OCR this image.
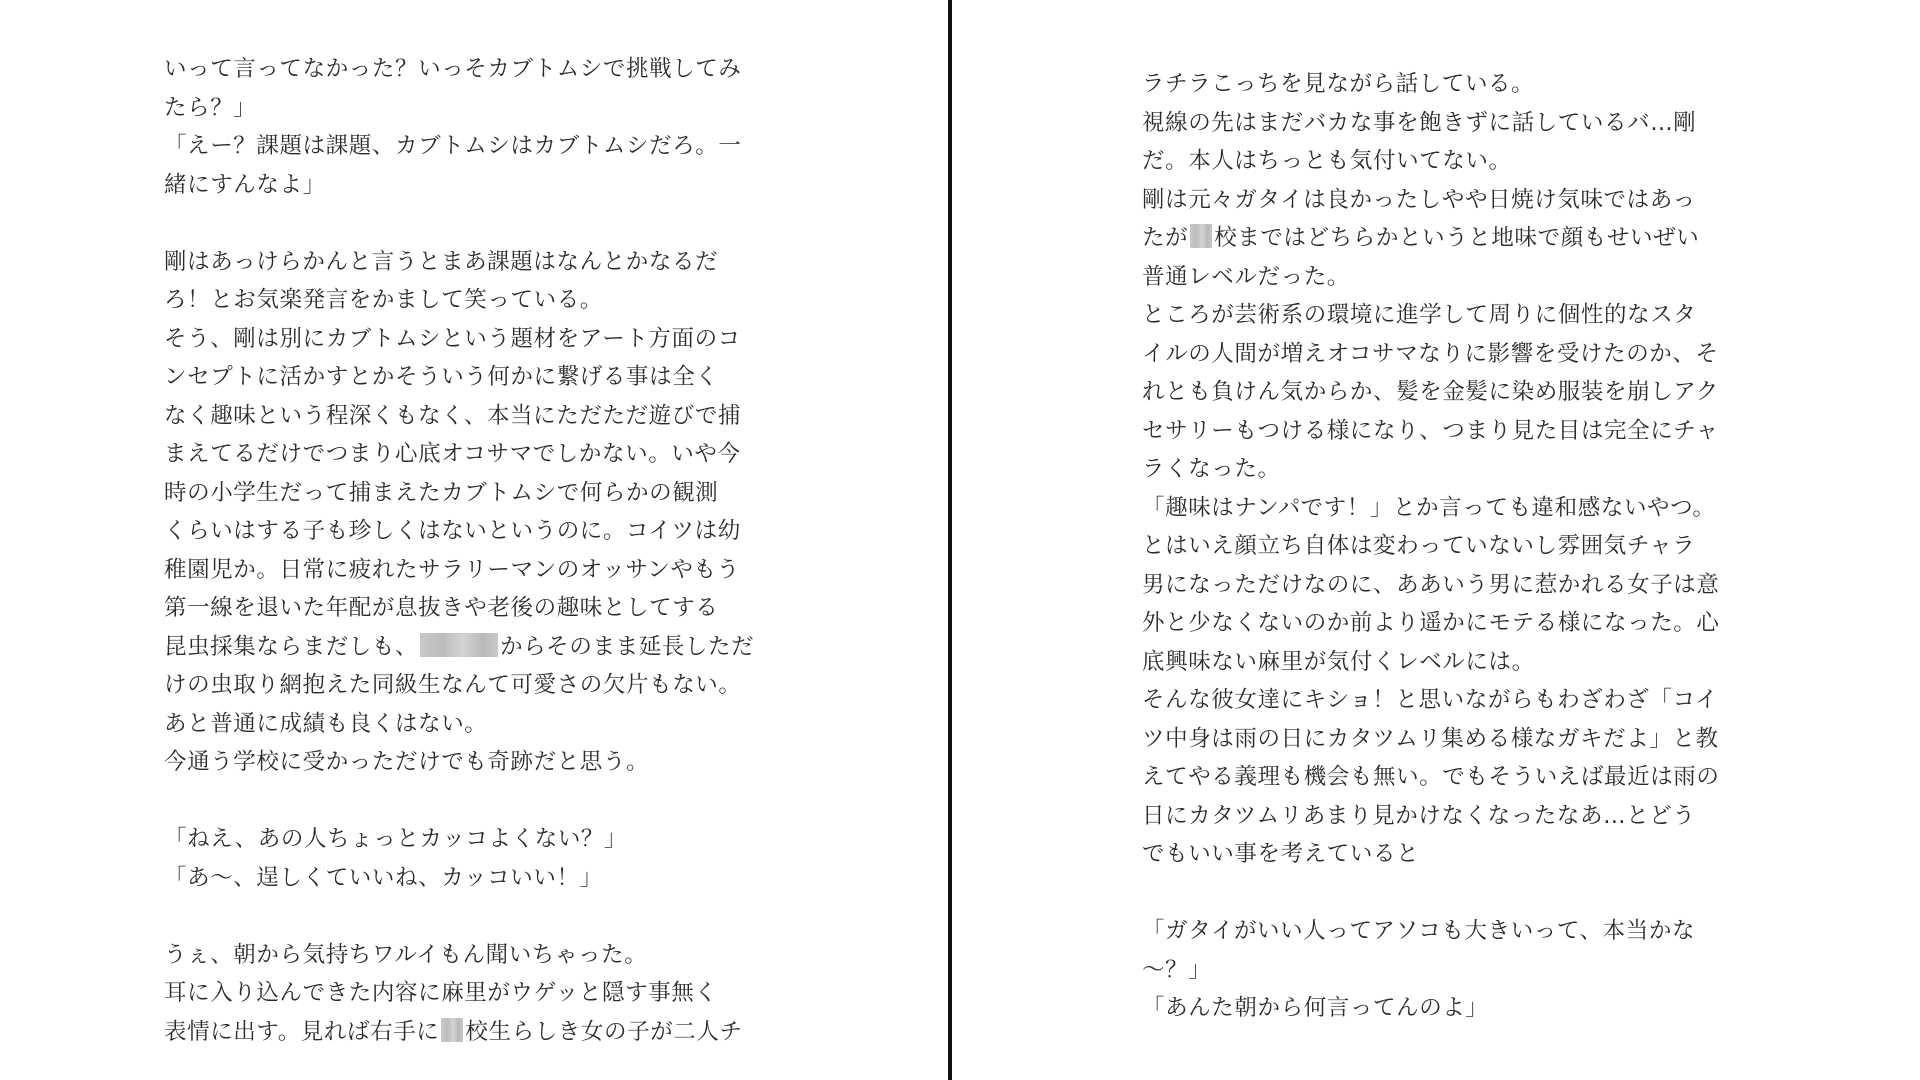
いって言ってなかった？いっそカブトムシで挑戦してみ
たら？」
「えー？課題は課題、カブトムシはカブトムシだろ。一
緒にすんなよ」
剛はあっけらかんと言うとまあ課題はなんとかなるだ
ろ！とお気楽発言をかまして笑っている。
そう、剛は別にカブトムシという題材をアート方面のコ
ンセプトに活かすとかそういう何かに繋げる事は全く
なく趣味という程深くもなく、本当にただただ遊びで捕
まえてるだけでつまり心底オコサマでしかない。いや今
時の小学生だって捕まえたカブトムシで何らかの観測
くらいはする子も珍しくはないというのに。コイツは幼
稚園児か。日常に疲れたサラリーマンのオッサンやもう
第一線を退いた年配が息抜きや老後の趣味としてする
昆虫採集ならまだしも、	からそのまま延長しただ
けの虫取り網抱えた同級生なんて可愛さの欠片もない。
あと普通に成績も良くはない。
今通う学校に受かっただけでも奇跡だと思う。
「ねえ、あの人ちょっとカッコよくない？」
「あ〜、逞しくていいね、カッコいい！」
うぇ、朝から気持ちワルイもん聞いちゃった。
耳に入り込んできた内容に麻里がウゲッと隠す事無く
表情に出す。見れば右手に 校生らしき女の子が二人チ
ラチラこっちを見ながら話している。
視線の先はまだバカな事を飽きずに話しているバ…剛
だ。本人はちっとも気付いてない。
剛は元々ガタイは良かったしやや日焼け気味ではあっ
たが 校まではどちらかというと地味で顔もせいぜい
普通レベルだった。
ところが芸術系の環境に進学して周りに個性的なスタ
イルの人間が増えオコサマなりに影響を受けたのか、そ
れとも負けん気からか、髪を金髪に染め服装を崩しアク
セサリーもつける様になり、つまり見た目は完全にチャ
ラくなった。
「趣味はナンパです！」とか言っても違和感ないやつ。
とはいえ顔立ち自体は変わっていないし雰囲気チャラ
男になっただけなのに、ああいう男に惹かれる女子は意
外と少なくないのか前より遥かにモテる様になった。心
底興味ない麻里が気付くレベルには。
そんな彼女達にキショ！と思いながらもわざわざ「コイ
ツ中身は雨の日にカタツムリ集める様なガキだよ」と教
えてやる義理も機会も無い。でもそういえば最近は雨の
日にカタツムリあまり見かけなくなったなあ…とどう
でもいい事を考えていると
「ガタイがいい人ってアソコも大きいって、本当かな
〜？」
「あんた朝から何言ってんのよ」
